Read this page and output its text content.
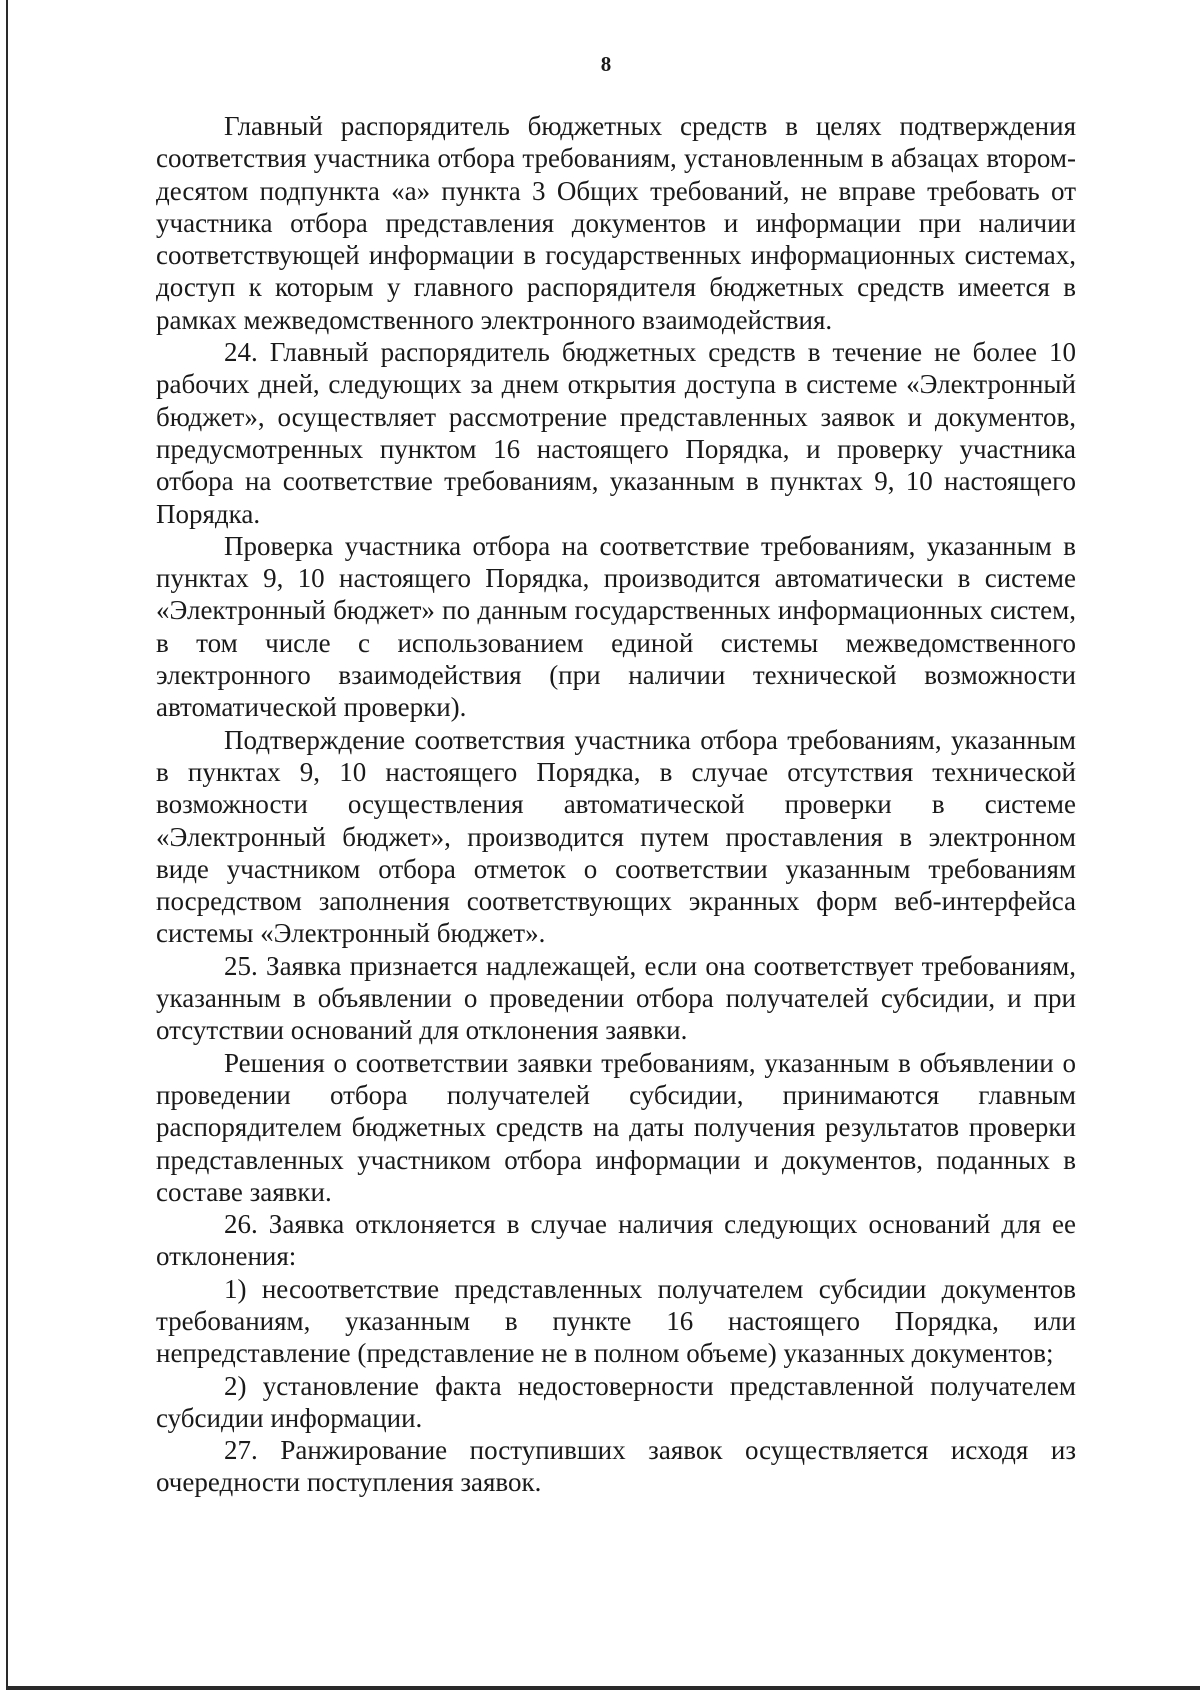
8

Главный распорядитель бюджетных средств в целях подтверждения соответствия участника отбора требованиям, установленным в абзацах втором-десятом подпункта «а» пункта 3 Общих требований, не вправе требовать от участника отбора представления документов и информации при наличии соответствующей информации в государственных информационных системах, доступ к которым у главного распорядителя бюджетных средств имеется в рамках межведомственного электронного взаимодействия.

24. Главный распорядитель бюджетных средств в течение не более 10 рабочих дней, следующих за днем открытия доступа в системе «Электронный бюджет», осуществляет рассмотрение представленных заявок и документов, предусмотренных пунктом 16 настоящего Порядка, и проверку участника отбора на соответствие требованиям, указанным в пунктах 9, 10 настоящего Порядка.

Проверка участника отбора на соответствие требованиям, указанным в пунктах 9, 10 настоящего Порядка, производится автоматически в системе «Электронный бюджет» по данным государственных информационных систем, в том числе с использованием единой системы межведомственного электронного взаимодействия (при наличии технической возможности автоматической проверки).

Подтверждение соответствия участника отбора требованиям, указанным в пунктах 9, 10 настоящего Порядка, в случае отсутствия технической возможности осуществления автоматической проверки в системе «Электронный бюджет», производится путем проставления в электронном виде участником отбора отметок о соответствии указанным требованиям посредством заполнения соответствующих экранных форм веб-интерфейса системы «Электронный бюджет».

25. Заявка признается надлежащей, если она соответствует требованиям, указанным в объявлении о проведении отбора получателей субсидии, и при отсутствии оснований для отклонения заявки.

Решения о соответствии заявки требованиям, указанным в объявлении о проведении отбора получателей субсидии, принимаются главным распорядителем бюджетных средств на даты получения результатов проверки представленных участником отбора информации и документов, поданных в составе заявки.

26. Заявка отклоняется в случае наличия следующих оснований для ее отклонения:

1) несоответствие представленных получателем субсидии документов требованиям, указанным в пункте 16 настоящего Порядка, или непредставление (представление не в полном объеме) указанных документов;

2) установление факта недостоверности представленной получателем субсидии информации.

27. Ранжирование поступивших заявок осуществляется исходя из очередности поступления заявок.
